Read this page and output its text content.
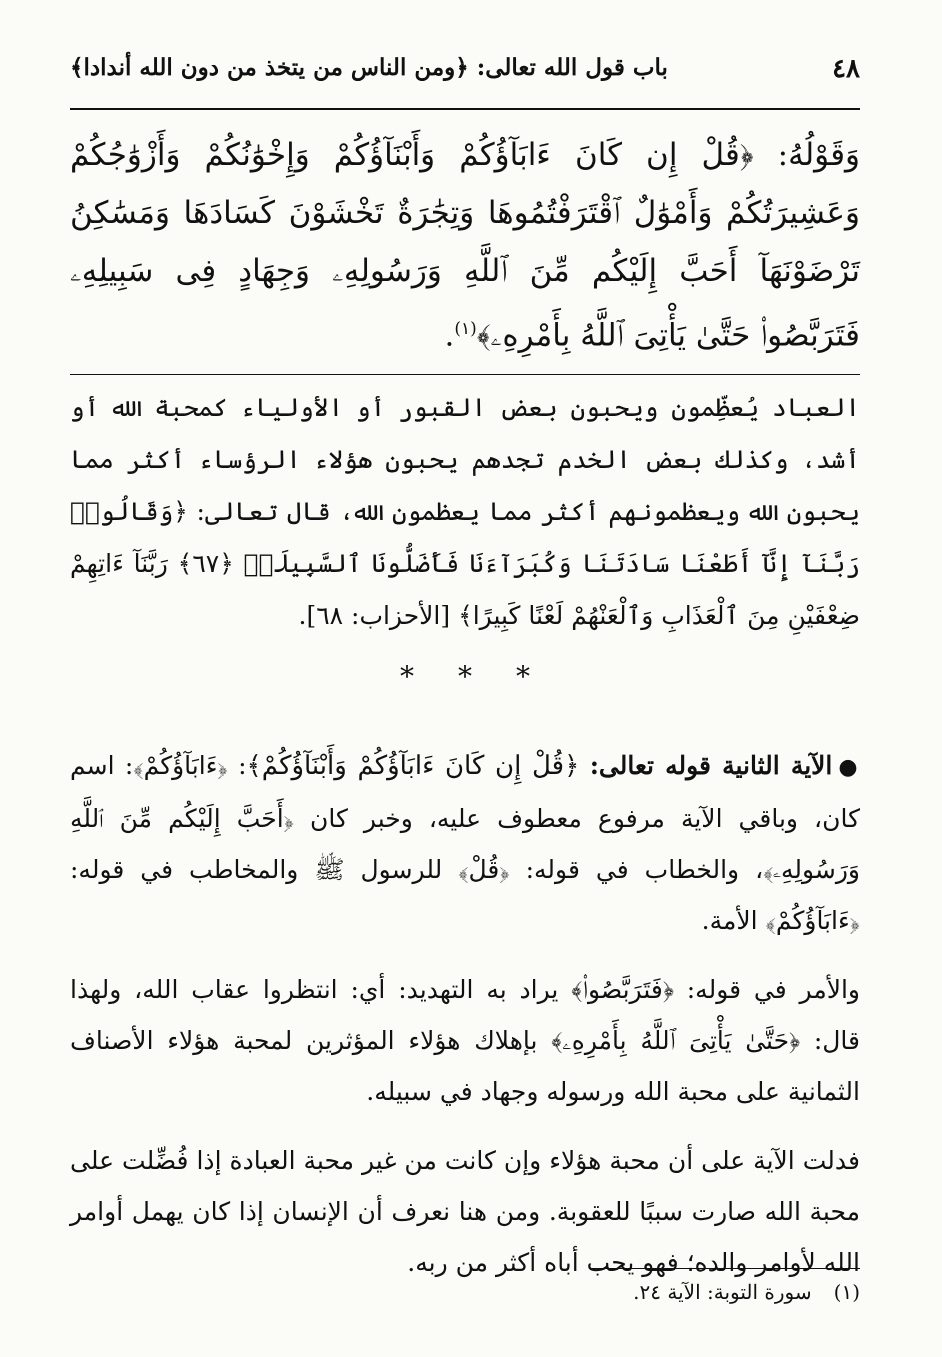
٤٨
باب قول الله تعالى: ﴿ومن الناس من يتخذ من دون الله أندادا﴾

وَقَوْلُهُ: ﴿قُلْ إِن كَانَ ءَابَآؤُكُمْ وَأَبْنَآؤُكُمْ وَإِخْوَٰنُكُمْ وَأَزْوَٰجُكُمْ وَعَشِيرَتُكُمْ وَأَمْوَٰلٌ ٱقْتَرَفْتُمُوهَا وَتِجَٰرَةٌ تَخْشَوْنَ كَسَادَهَا وَمَسَٰكِنُ تَرْضَوْنَهَآ أَحَبَّ إِلَيْكُم مِّنَ ٱللَّهِ وَرَسُولِهِۦ وَجِهَادٍ فِى سَبِيلِهِۦ فَتَرَبَّصُوا۟ حَتَّىٰ يَأْتِىَ ٱللَّهُ بِأَمْرِهِۦ﴾$^{(١)}$.

العباد يُعظِّمون ويحبون بعض القبور أو الأولياء كمحبة الله أو أشد، وكذلك بعض الخدم تجدهم يحبون هؤلاء الرؤساء أكثر مما يحبون الله ويعظمونهم أكثر مما يعظمون الله، قال تعالى: ﴿وَقَالُوا۟ رَبَّنَآ إِنَّآ أَطَعْنَا سَادَتَنَا وَكُبَرَآءَنَا فَأَضَلُّونَا ٱلسَّبِيلَا۠ ﴿٦٧﴾ رَبَّنَآ ءَاتِهِمْ ضِعْفَيْنِ مِنَ ٱلْعَذَابِ وَٱلْعَنْهُمْ لَعْنًا كَبِيرًا﴾ [الأحزاب: ٦٨].

***

●الآية الثانية قوله تعالى: ﴿قُلْ إِن كَانَ ءَابَآؤُكُمْ وَأَبْنَآؤُكُمْ﴾: ﴿ءَابَآؤُكُمْ﴾: اسم كان، وباقي الآية مرفوع معطوف عليه، وخبر كان ﴿أَحَبَّ إِلَيْكُم مِّنَ ٱللَّهِ وَرَسُولِهِۦ﴾، والخطاب في قوله: ﴿قُلْ﴾ للرسول ﷺ والمخاطب في قوله: ﴿ءَابَآؤُكُمْ﴾ الأمة.

والأمر في قوله: ﴿فَتَرَبَّصُوا۟﴾ يراد به التهديد: أي: انتظروا عقاب الله، ولهذا قال: ﴿حَتَّىٰ يَأْتِىَ ٱللَّهُ بِأَمْرِهِۦ﴾ بإهلاك هؤلاء المؤثرين لمحبة هؤلاء الأصناف الثمانية على محبة الله ورسوله وجهاد في سبيله.

فدلت الآية على أن محبة هؤلاء وإن كانت من غير محبة العبادة إذا فُضِّلت على محبة الله صارت سببًا للعقوبة. ومن هنا نعرف أن الإنسان إذا كان يهمل أوامر الله لأوامر والده؛ فهو يحب أباه أكثر من ربه.

(١)سورة التوبة: الآية ٢٤.
